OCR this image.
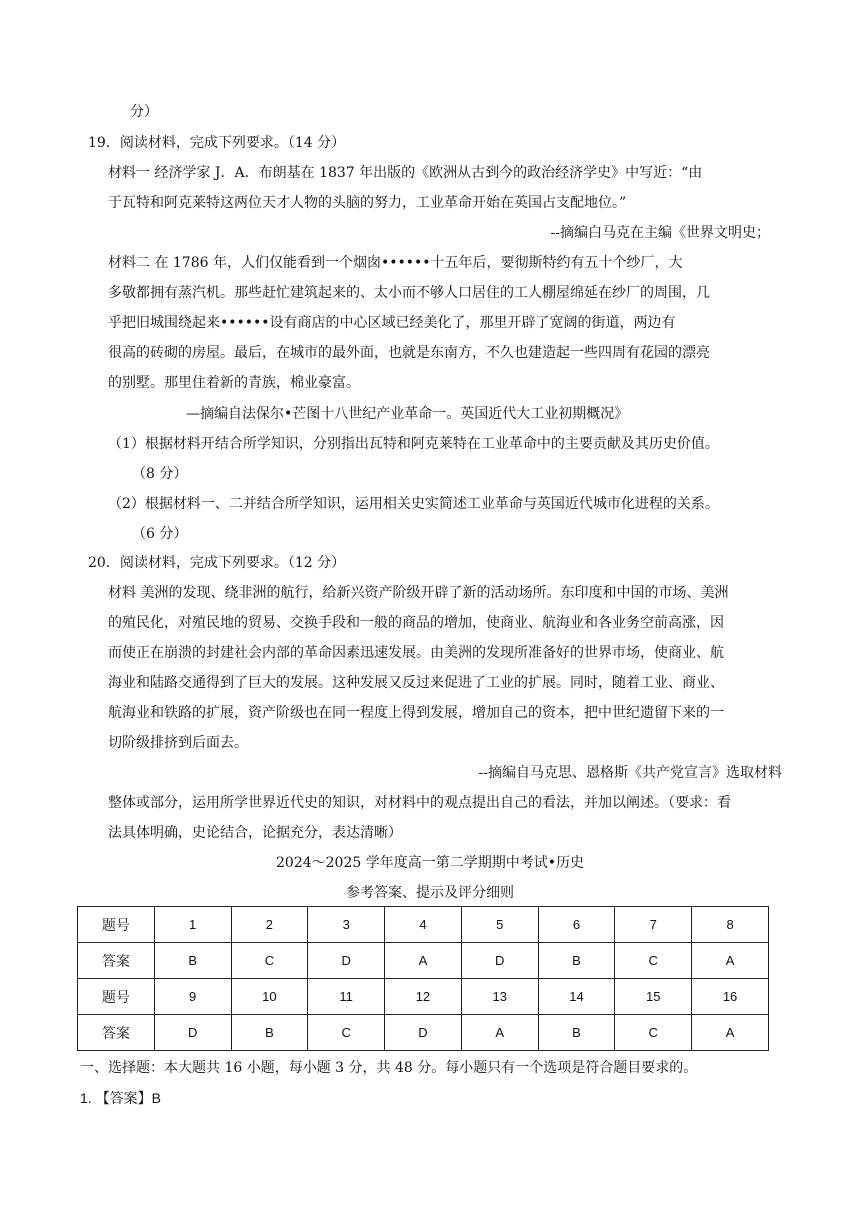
分）
19．阅读材料，完成下列要求。（14 分）
材料一 经济学家 J．A．布朗基在 1837 年出版的《欧洲从古到今的政治经济学史》中写近：“由
于瓦特和阿克莱特这两位天才人物的头脑的努力，工业革命开始在英国占支配地位。”
--摘编白马克在主编《世界文明史；
材料二 在 1786 年，人们仅能看到一个烟囱••••••十五年后，要彻斯特约有五十个纱厂，大
多敬都拥有蒸汽机。那些赶忙建筑起来的、太小而不够人口居住的工人棚屋绵延在纱厂的周围，几
乎把旧城围绕起来••••••设有商店的中心区域已经美化了，那里开辟了宽阔的街道，两边有
很高的砖砌的房屋。最后，在城市的最外面，也就是东南方，不久也建造起一些四周有花园的漂亮
的别墅。那里住着新的青族，棉业豪富。
—摘编自法保尔•芒图十八世纪产业革命一。英国近代大工业初期概况》
（1）根据材料开结合所学知识，分别指出瓦特和阿克莱特在工业革命中的主要贡献及其历史价值。
（8 分）
（2）根据材料一、二并结合所学知识，运用相关史实简述工业革命与英国近代城市化进程的关系。
（6 分）
20．阅读材料，完成下列要求。（12 分）
材料 美洲的发现、绕非洲的航行，给新兴资产阶级开辟了新的活动场所。东印度和中国的市场、美洲
的殖民化，对殖民地的贸易、交换手段和一般的商品的增加，使商业、航海业和各业务空前高涨，因
而使正在崩溃的封建社会内部的革命因素迅速发展。由美洲的发现所准备好的世界市场，使商业、航
海业和陆路交通得到了巨大的发展。这种发展又反过来促进了工业的扩展。同时，随着工业、商业、
航海业和铁路的扩展，资产阶级也在同一程度上得到发展，增加自己的资本，把中世纪遗留下来的一
切阶级排挤到后面去。
--摘编自马克思、恩格斯《共产党宣言》选取材料
整体或部分，运用所学世界近代史的知识，对材料中的观点提出自己的看法，并加以阐述。（要求：看
法具体明确，史论结合，论据充分，表达清晰）
2024～2025 学年度高一第二学期期中考试•历史
参考答案、提示及评分细则
题号	1	2	3	4	5	6	7	8
答案	B	C	D	A	D	B	C	A
题号	9	10	11	12	13	14	15	16
答案	D	B	C	D	A	B	C	A
一、选择题：本大题共 16 小题，每小题 3 分，共 48 分。每小题只有一个选项是符合题目要求的。
1. 【答案】B
